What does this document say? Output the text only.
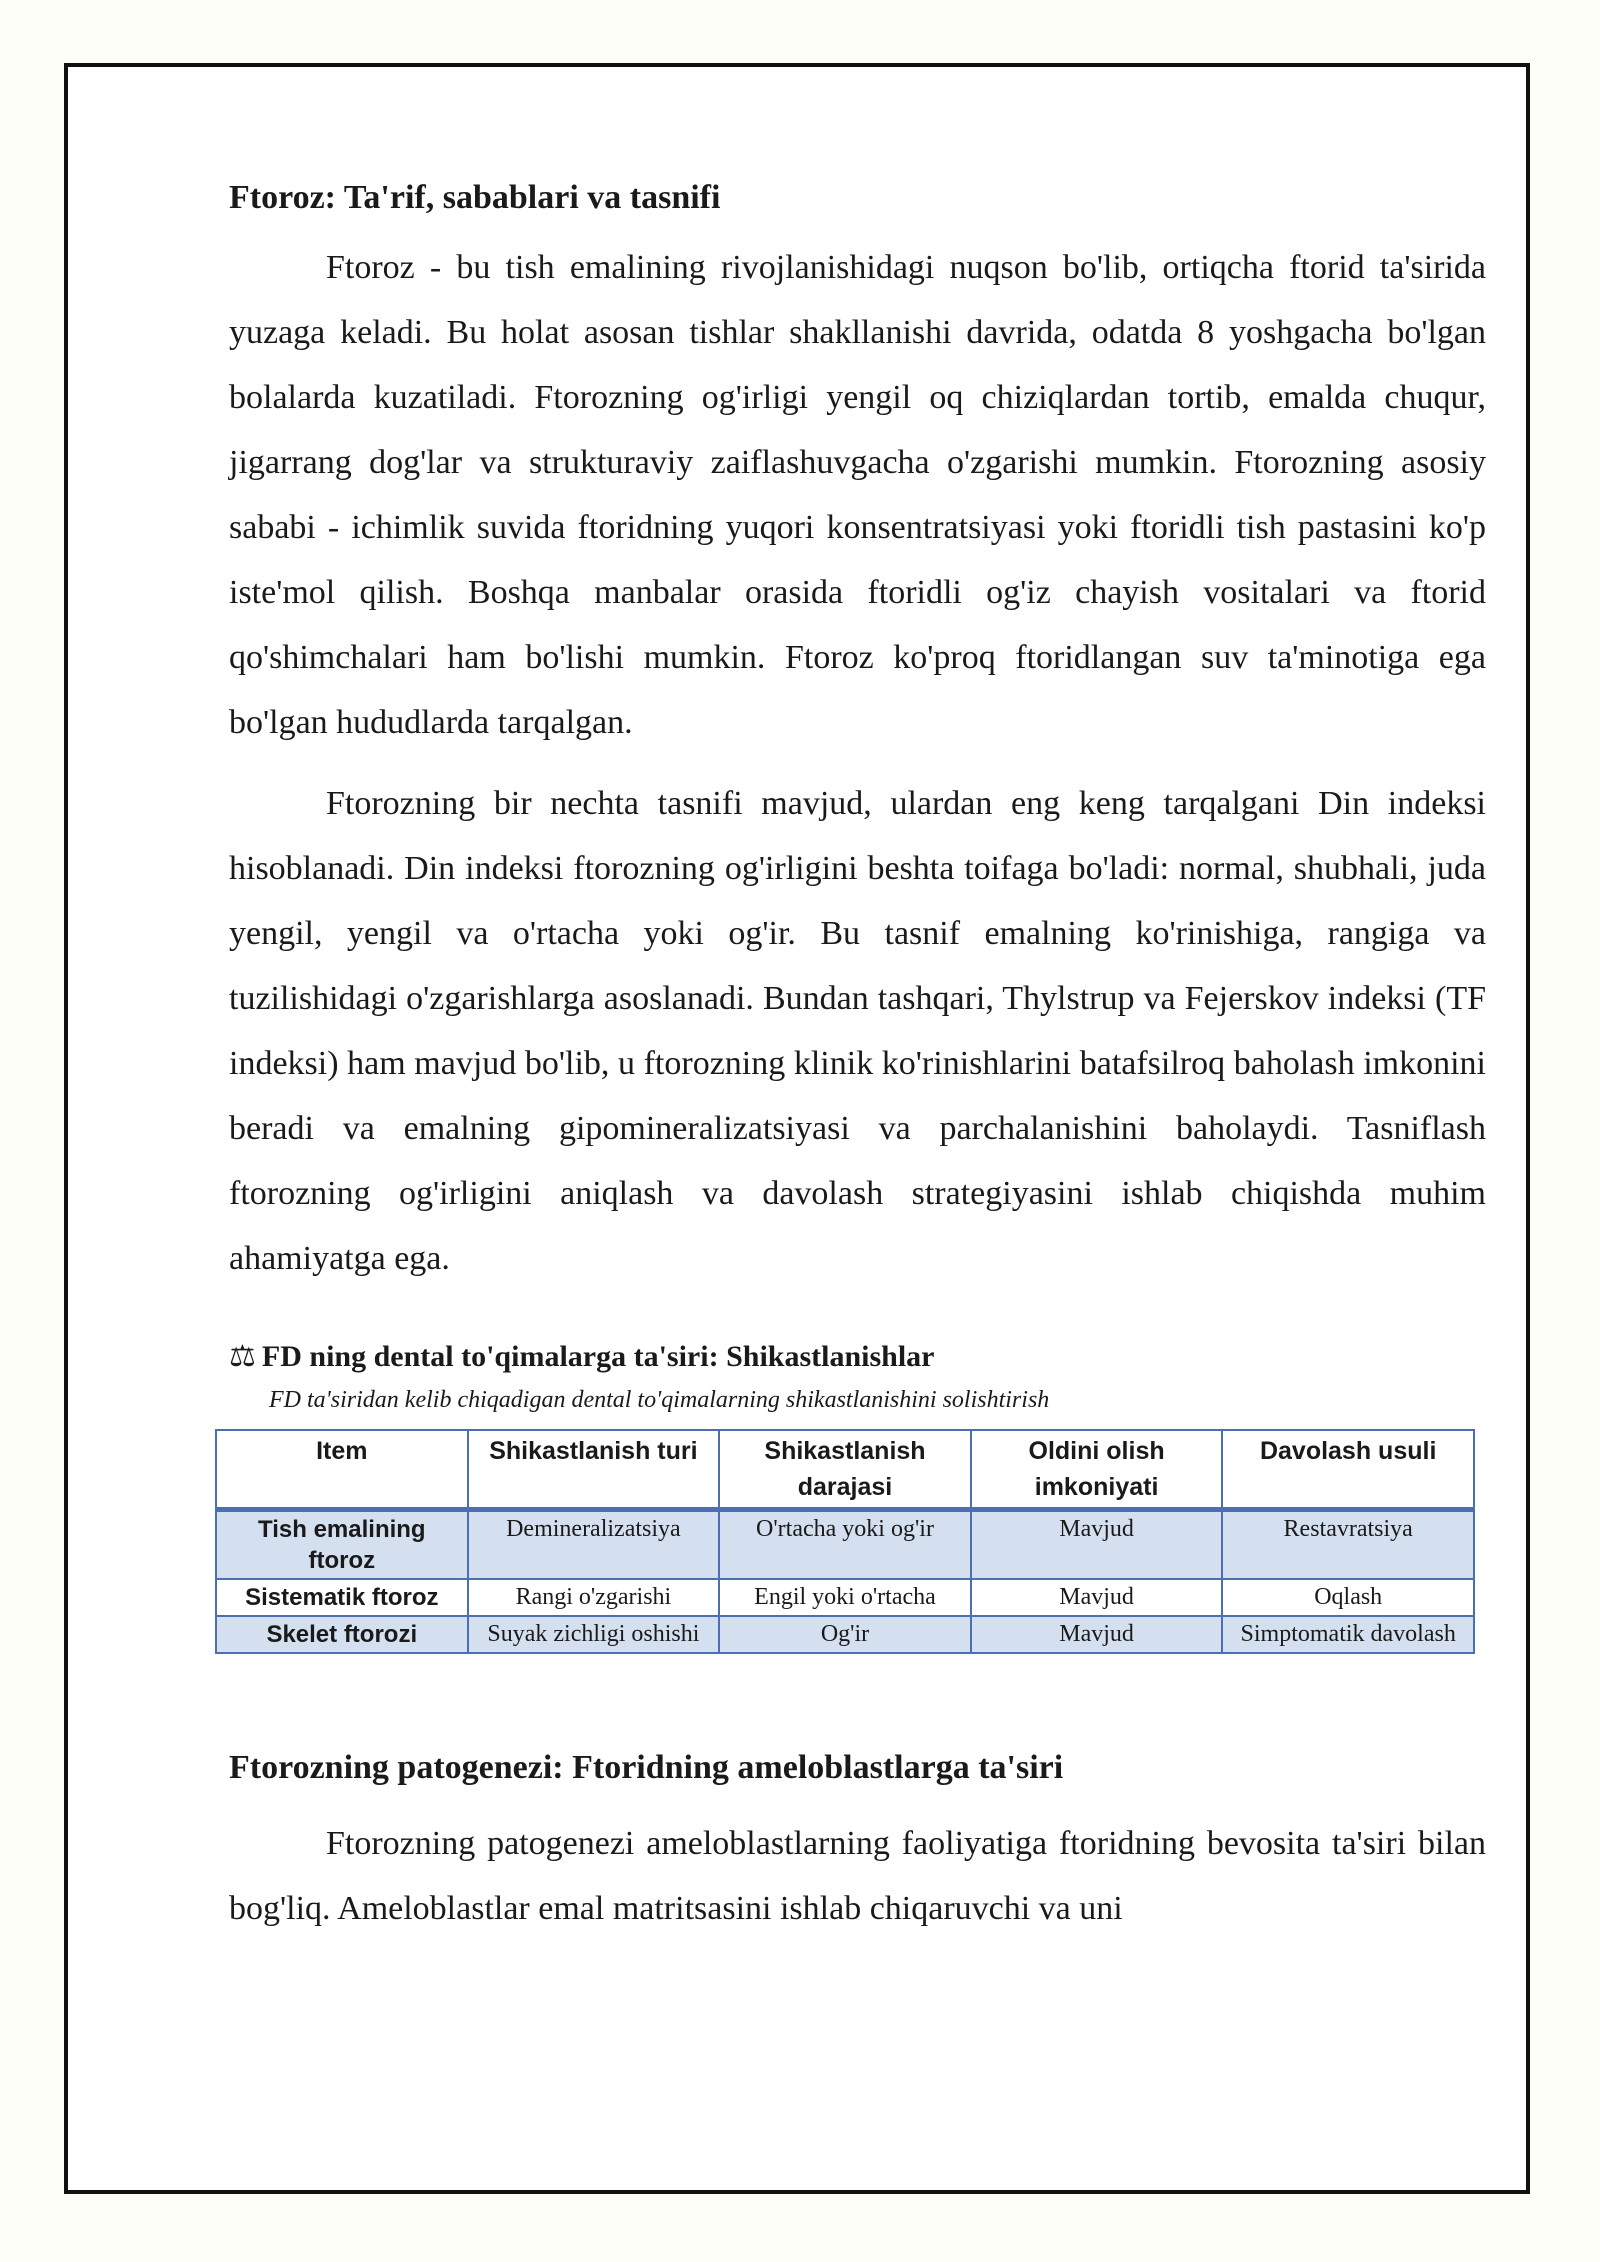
Ftoroz: Ta'rif, sabablari va tasnifi

Ftoroz - bu tish emalining rivojlanishidagi nuqson bo'lib, ortiqcha ftorid ta'sirida yuzaga keladi. Bu holat asosan tishlar shakllanishi davrida, odatda 8 yoshgacha bo'lgan bolalarda kuzatiladi. Ftorozning og'irligi yengil oq chiziqlardan tortib, emalda chuqur, jigarrang dog'lar va strukturaviy zaiflashuvgacha o'zgarishi mumkin. Ftorozning asosiy sababi - ichimlik suvida ftoridning yuqori konsentratsiyasi yoki ftoridli tish pastasini ko'p iste'mol qilish. Boshqa manbalar orasida ftoridli og'iz chayish vositalari va ftorid qo'shimchalari ham bo'lishi mumkin. Ftoroz ko'proq ftoridlangan suv ta'minotiga ega bo'lgan hududlarda tarqalgan.

Ftorozning bir nechta tasnifi mavjud, ulardan eng keng tarqalgani Din indeksi hisoblanadi. Din indeksi ftorozning og'irligini beshta toifaga bo'ladi: normal, shubhali, juda yengil, yengil va o'rtacha yoki og'ir. Bu tasnif emalning ko'rinishiga, rangiga va tuzilishidagi o'zgarishlarga asoslanadi. Bundan tashqari, Thylstrup va Fejerskov indeksi (TF indeksi) ham mavjud bo'lib, u ftorozning klinik ko'rinishlarini batafsilroq baholash imkonini beradi va emalning gipomineralizatsiyasi va parchalanishini baholaydi. Tasniflash ftorozning og'irligini aniqlash va davolash strategiyasini ishlab chiqishda muhim ahamiyatga ega.

⚖ FD ning dental to'qimalarga ta'siri: Shikastlanishlar
FD ta'siridan kelib chiqadigan dental to'qimalarning shikastlanishini solishtirish
Item	Shikastlanish turi	Shikastlanish darajasi	Oldini olish imkoniyati	Davolash usuli
Tish emalining ftoroz	Demineralizatsiya	O'rtacha yoki og'ir	Mavjud	Restavratsiya
Sistematik ftoroz	Rangi o'zgarishi	Engil yoki o'rtacha	Mavjud	Oqlash
Skelet ftorozi	Suyak zichligi oshishi	Og'ir	Mavjud	Simptomatik davolash
Ftorozning patogenezi: Ftoridning ameloblastlarga ta'siri

Ftorozning patogenezi ameloblastlarning faoliyatiga ftoridning bevosita ta'siri bilan bog'liq. Ameloblastlar emal matritsasini ishlab chiqaruvchi va uni
